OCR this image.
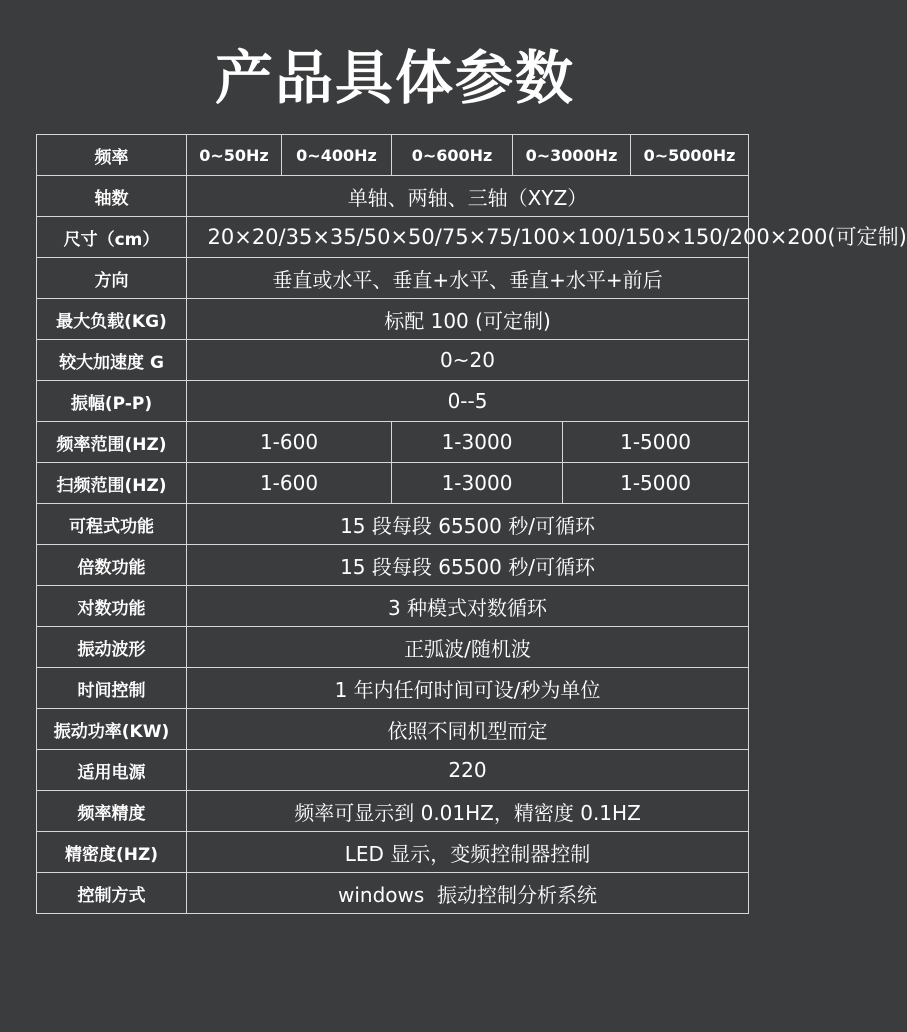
产品具体参数
频率	0~50Hz	0~400Hz	0~600Hz	0~3000Hz		0~5000Hz
轴数	单轴、两轴、三轴（XYZ）					
尺寸（cm）	20×20/35×35/50×50/75×75/100×100/150×150/200×200(可定制)					

方向	垂直或水平、垂直+水平、垂直+水平+前后					
最大负载(KG)	标配 100 (可定制)					
较大加速度 G	0~20					
振幅(P-P)	0--5					
频率范围(HZ)	1-600		1-3000		1-5000	
扫频范围(HZ)	1-600		1-3000		1-5000	
可程式功能	15 段每段 65500 秒/可循环					
倍数功能	15 段每段 65500 秒/可循环					
对数功能	3 种模式对数循环					
振动波形	正弧波/随机波					
时间控制	1 年内任何时间可设/秒为单位					
振动功率(KW)	依照不同机型而定					
适用电源	220					
频率精度	频率可显示到 0.01HZ，精密度 0.1HZ					
精密度(HZ)	LED 显示，变频控制器控制					
控制方式	windows  振动控制分析系统					
